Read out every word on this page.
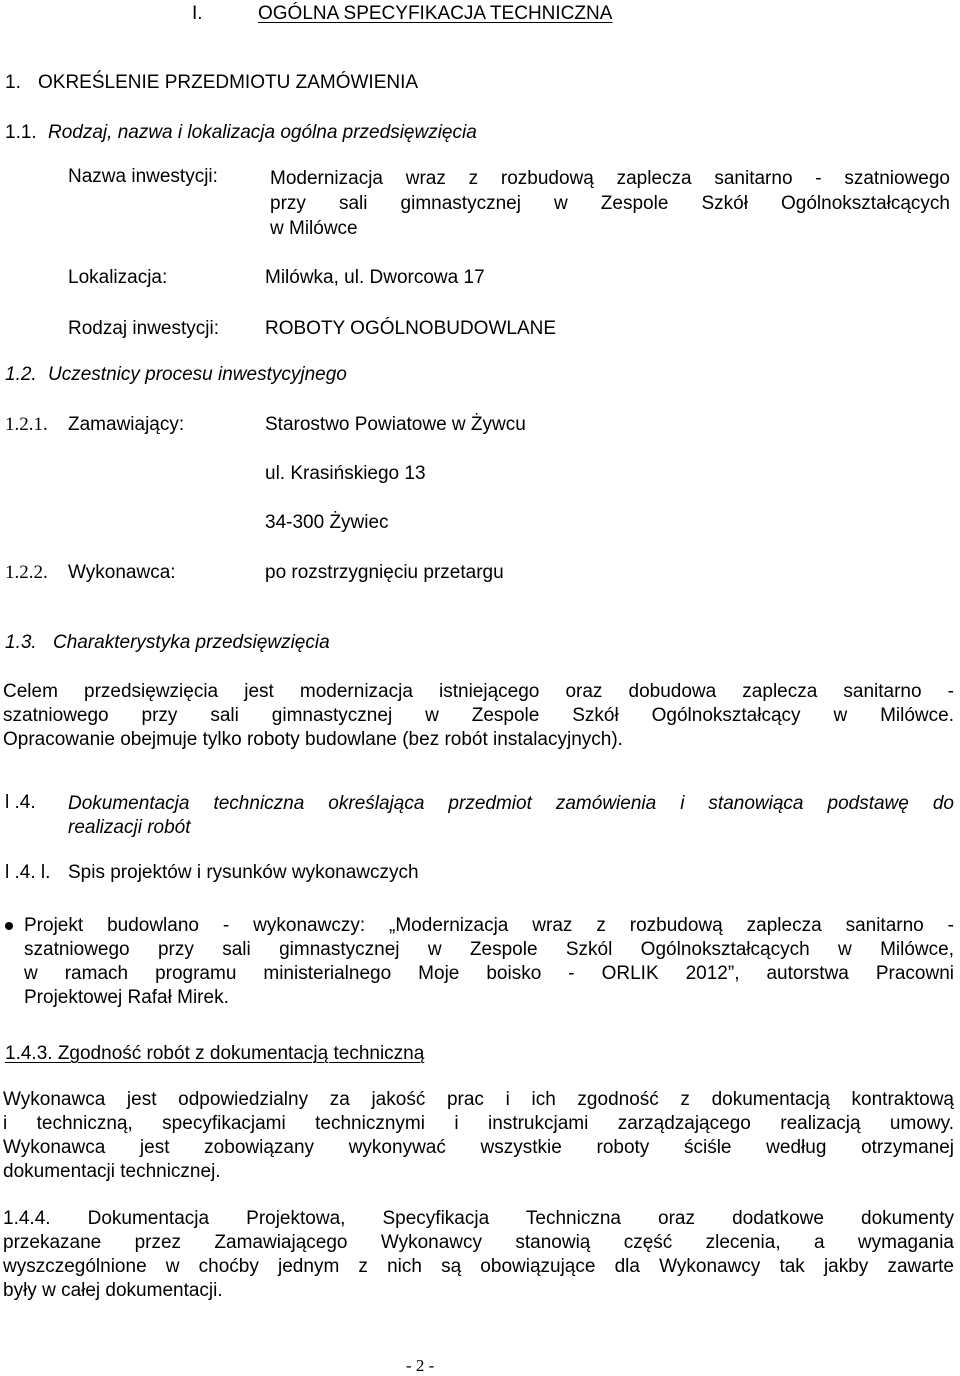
I.	OGÓLNA SPECYFIKACJA TECHNICZNA
1. OKREŚLENIE PRZEDMIOTU ZAMÓWIENIA
1.1. Rodzaj, nazwa i lokalizacja ogólna przedsięwzięcia
Nazwa inwestycji:	Modernizacja wraz z rozbudową zaplecza sanitarno - szatniowego
przy sali gimnastycznej w Zespole Szkół Ogólnokształcących
w Milówce
Lokalizacja:	Milówka, ul. Dworcowa 17
Rodzaj inwestycji: ROBOTY OGÓLNOBUDOWLANE
1.2. Uczestnicy procesu inwestycyjnego
1.2.1. Zamawiający:	Starostwo Powiatowe w Żywcu
ul. Krasińskiego 13
34-300 Żywiec
1.2.2. Wykonawca:	po rozstrzygnięciu przetargu
1.3. Charakterystyka przedsięwzięcia
Celem przedsięwzięcia jest modernizacja istniejącego oraz dobudowa zaplecza sanitarno -
szatniowego przy sali gimnastycznej w Zespole Szkół Ogólnokształcący w Milówce.
Opracowanie obejmuje tylko roboty budowlane (bez robót instalacyjnych).
l .4. Dokumentacja techniczna określająca przedmiot zamówienia i stanowiąca podstawę do
realizacji robót
l .4. l. Spis projektów i rysunków wykonawczych
Projekt budowlano - wykonawczy: „Modernizacja wraz z rozbudową zaplecza sanitarno -
szatniowego przy sali gimnastycznej w Zespole Szkól Ogólnokształcących w Milówce,
w ramach programu ministerialnego Moje boisko - ORLIK 2012”, autorstwa Pracowni
Projektowej Rafał Mirek.
1.4.3. Zgodność robót z dokumentacją techniczną
Wykonawca jest odpowiedzialny za jakość prac i ich zgodność z dokumentacją kontraktową
i techniczną, specyfikacjami technicznymi i instrukcjami zarządzającego realizacją umowy.
Wykonawca jest zobowiązany wykonywać wszystkie roboty ściśle według otrzymanej
dokumentacji technicznej.
1.4.4. Dokumentacja Projektowa, Specyfikacja Techniczna oraz dodatkowe dokumenty
przekazane przez Zamawiającego Wykonawcy stanowią część zlecenia, a wymagania
wyszczególnione w choćby jednym z nich są obowiązujące dla Wykonawcy tak jakby zawarte
były w całej dokumentacji.
- 2 -
